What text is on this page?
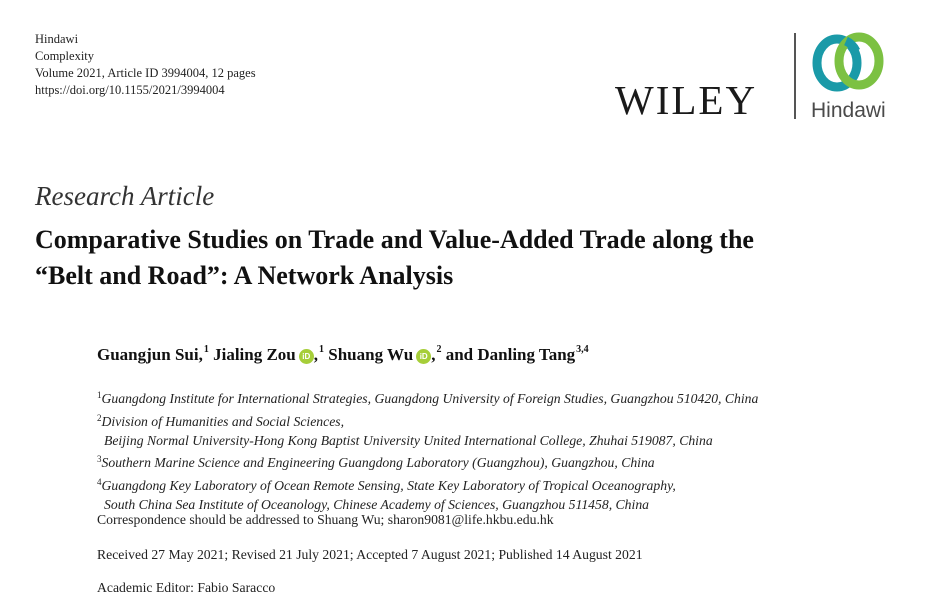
Hindawi
Complexity
Volume 2021, Article ID 3994004, 12 pages
https://doi.org/10.1155/2021/3994004	WILEY	Hindawi
Research Article
Comparative Studies on Trade and Value-Added Trade along the
“Belt and Road”: A Network Analysis
Guangjun Sui,$^1$ Jialing Zou iD ,$^1$ Shuang Wu iD ,$^2$ and Danling Tang$^{3,4}$
$^1$Guangdong Institute for International Strategies, Guangdong University of Foreign Studies, Guangzhou 510420, China
$^2$Division of Humanities and Social Sciences,
Beijing Normal University-Hong Kong Baptist University United International College, Zhuhai 519087, China
$^3$Southern Marine Science and Engineering Guangdong Laboratory (Guangzhou), Guangzhou, China
$^4$Guangdong Key Laboratory of Ocean Remote Sensing, State Key Laboratory of Tropical Oceanography,
South China Sea Institute of Oceanology, Chinese Academy of Sciences, Guangzhou 511458, China
Correspondence should be addressed to Shuang Wu; sharon9081@life.hkbu.edu.hk
Received 27 May 2021; Revised 21 July 2021; Accepted 7 August 2021; Published 14 August 2021
Academic Editor: Fabio Saracco
